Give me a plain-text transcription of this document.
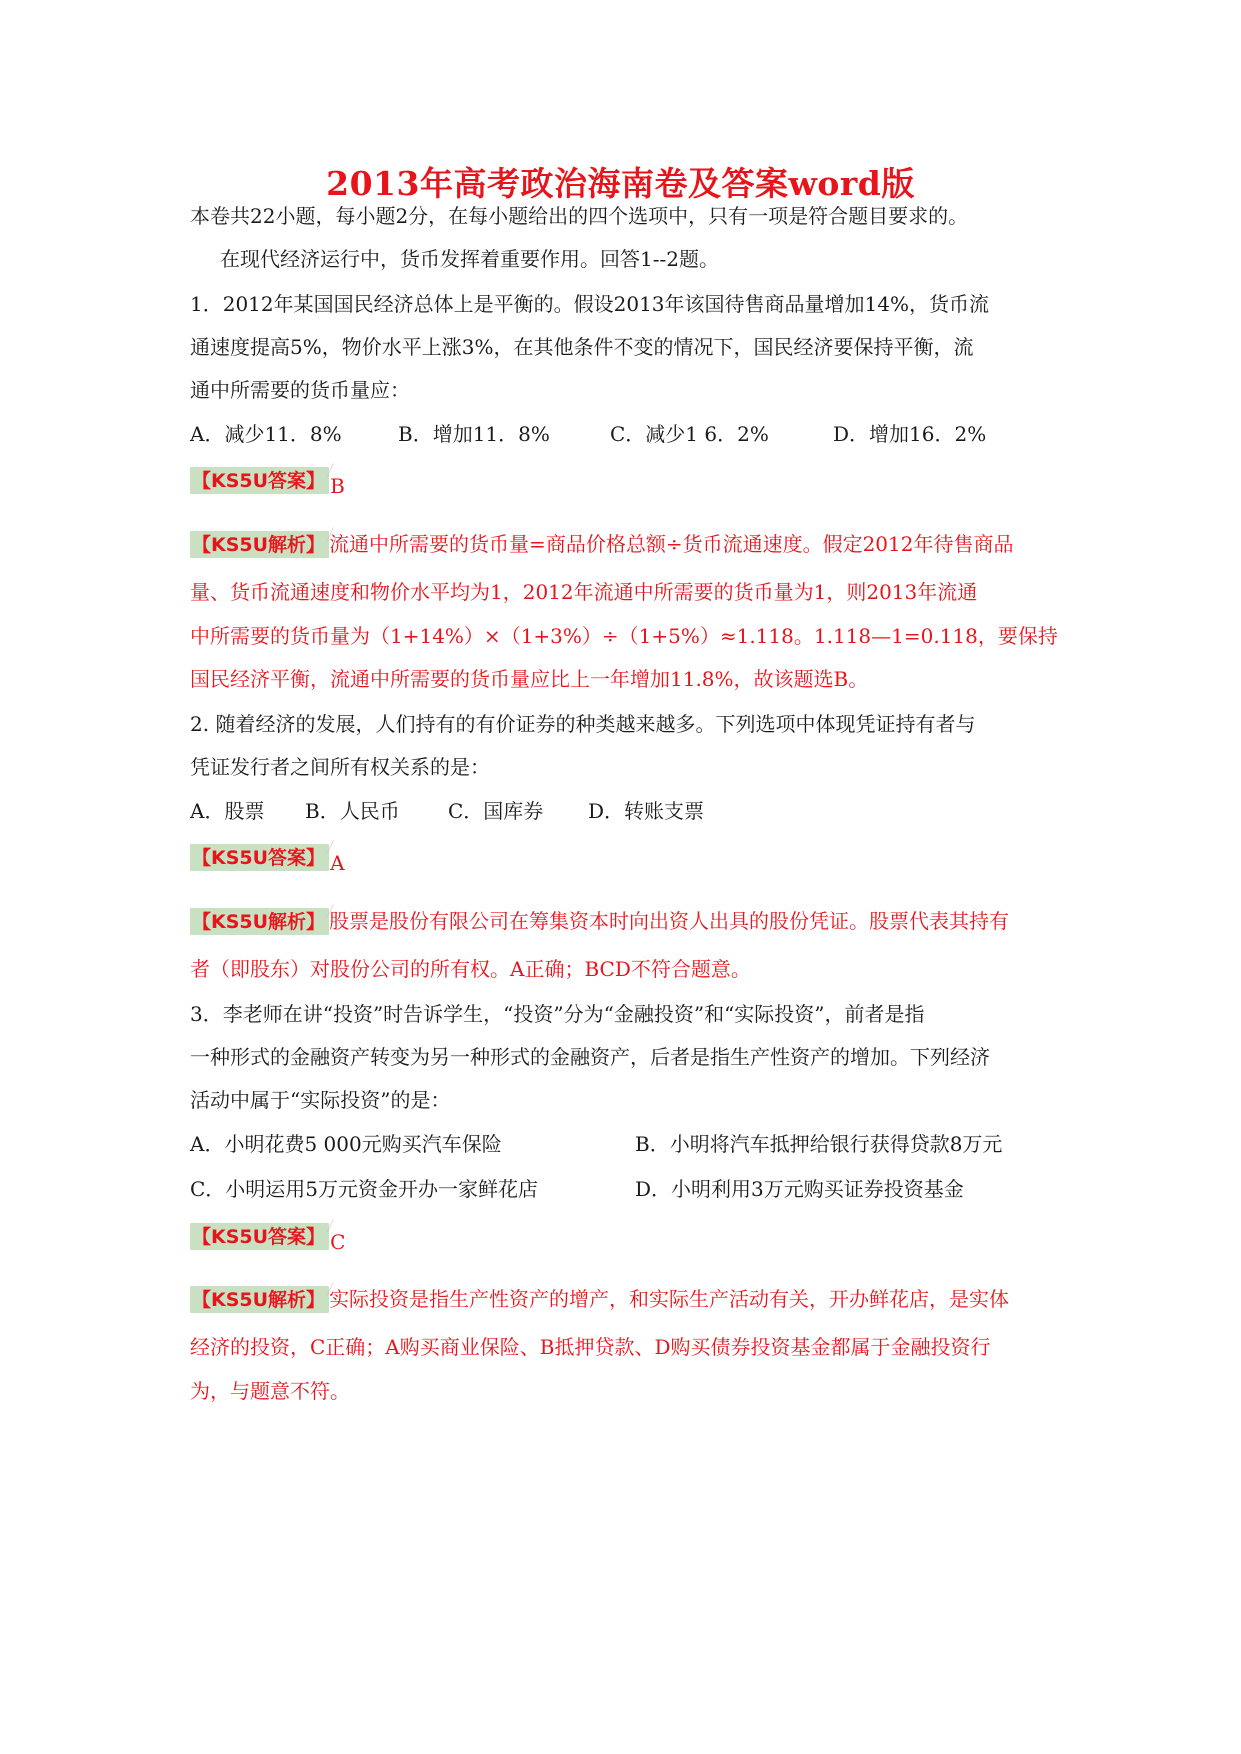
2013年高考政治海南卷及答案word版
本卷共22小题，每小题2分，在每小题给出的四个选项中，只有一项是符合题目要求的。
在现代经济运行中，货币发挥着重要作用。回答1--2题。
1．2012年某国国民经济总体上是平衡的。假设2013年该国待售商品量增加14%，货币流
通速度提高5%，物价水平上涨3%，在其他条件不变的情况下，国民经济要保持平衡，流
通中所需要的货币量应：
A．减少11．8%	B．增加11．8%	C．减少1 6．2%	D．增加16．2%
【KS5U答案】 B
【KS5U解析】 流通中所需要的货币量=商品价格总额÷货币流通速度。假定2012年待售商品
量、货币流通速度和物价水平均为1，2012年流通中所需要的货币量为1，则2013年流通
中所需要的货币量为（1+14%）×（1+3%）÷（1+5%）≈1.118。1.118—1=0.118，要保持
国民经济平衡，流通中所需要的货币量应比上一年增加11.8%，故该题选B。
2. 随着经济的发展，人们持有的有价证券的种类越来越多。下列选项中体现凭证持有者与
凭证发行者之间所有权关系的是：
A．股票 B．人民币 C．国库券 D．转账支票
【KS5U答案】 A
【KS5U解析】 股票是股份有限公司在筹集资本时向出资人出具的股份凭证。股票代表其持有
者（即股东）对股份公司的所有权。A正确；BCD不符合题意。
3．李老师在讲“投资”时告诉学生，“投资”分为“金融投资”和“实际投资”，前者是指
一种形式的金融资产转变为另一种形式的金融资产，后者是指生产性资产的增加。下列经济
活动中属于“实际投资”的是：
A．小明花费5 000元购买汽车保险	B．小明将汽车抵押给银行获得贷款8万元
C．小明运用5万元资金开办一家鲜花店	D．小明利用3万元购买证券投资基金
【KS5U答案】 C
【KS5U解析】 实际投资是指生产性资产的增产，和实际生产活动有关，开办鲜花店，是实体
经济的投资，C正确；A购买商业保险、B抵押贷款、D购买债券投资基金都属于金融投资行
为，与题意不符。
